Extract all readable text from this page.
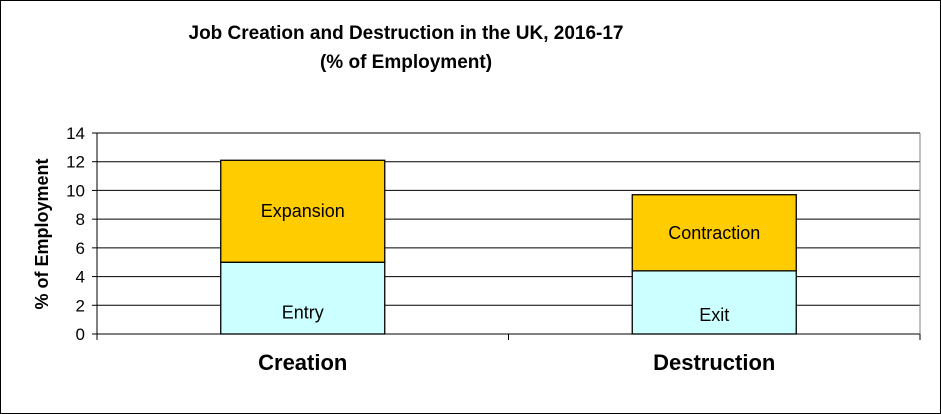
Job Creation and Destruction in the UK, 2016-17
(% of Employment)
Entry
Expansion
Exit
Contraction
0
2
4
6
8
10
12
14
Creation	Destruction
% of Employment
